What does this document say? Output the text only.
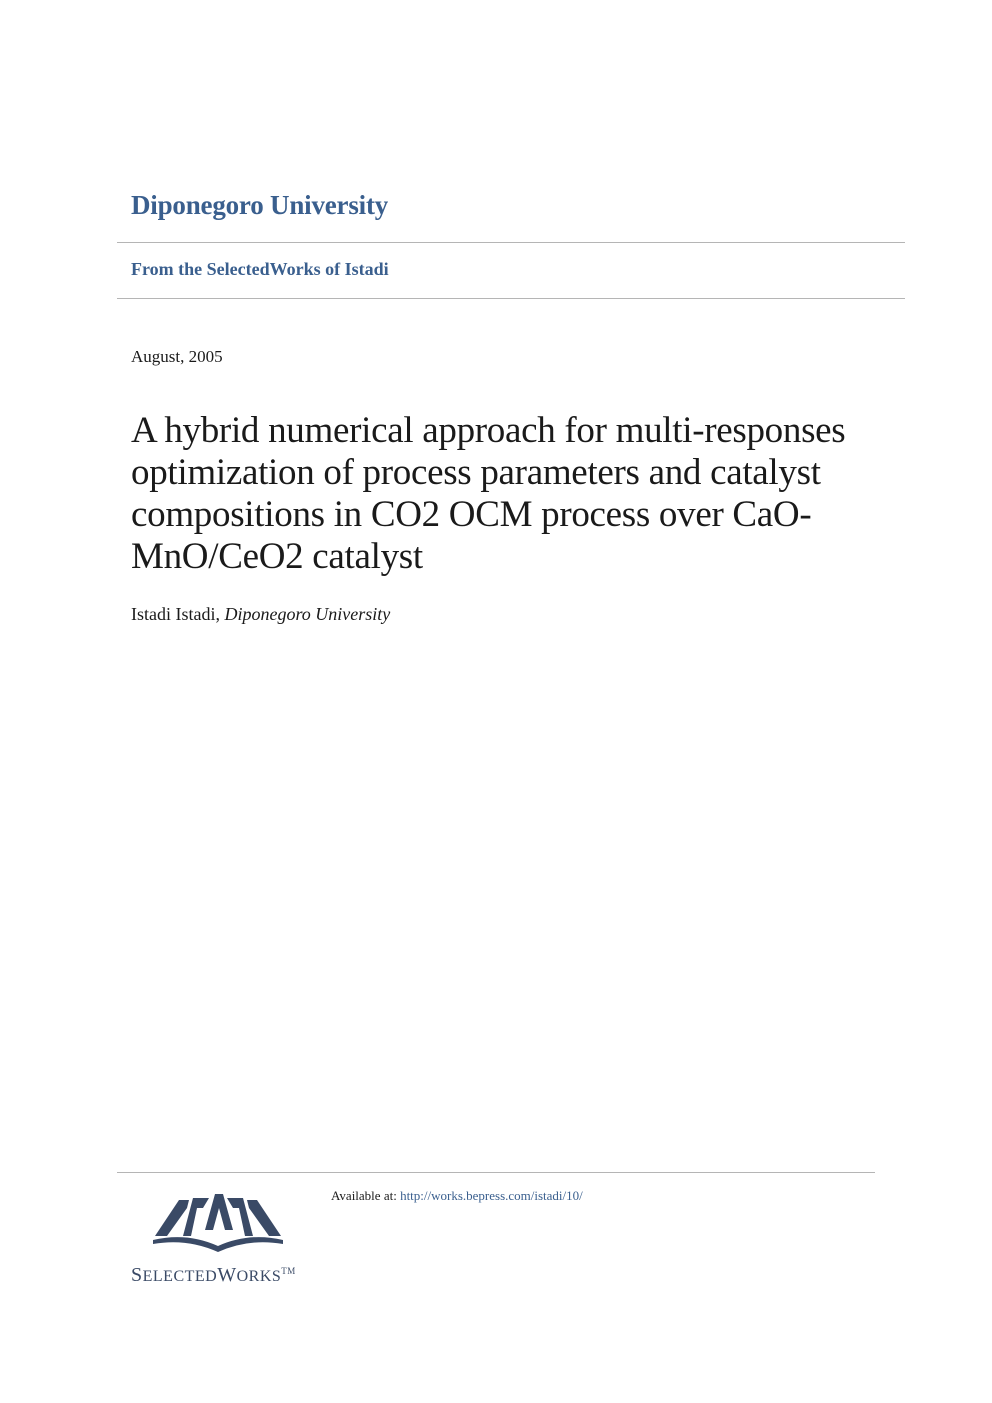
Diponegoro University
From the SelectedWorks of Istadi
August, 2005
A hybrid numerical approach for multi-responses optimization of process parameters and catalyst compositions in CO2 OCM process over CaO-MnO/CeO2 catalyst
Istadi Istadi, Diponegoro University
SELECTEDWORKS™
Available at: http://works.bepress.com/istadi/10/
